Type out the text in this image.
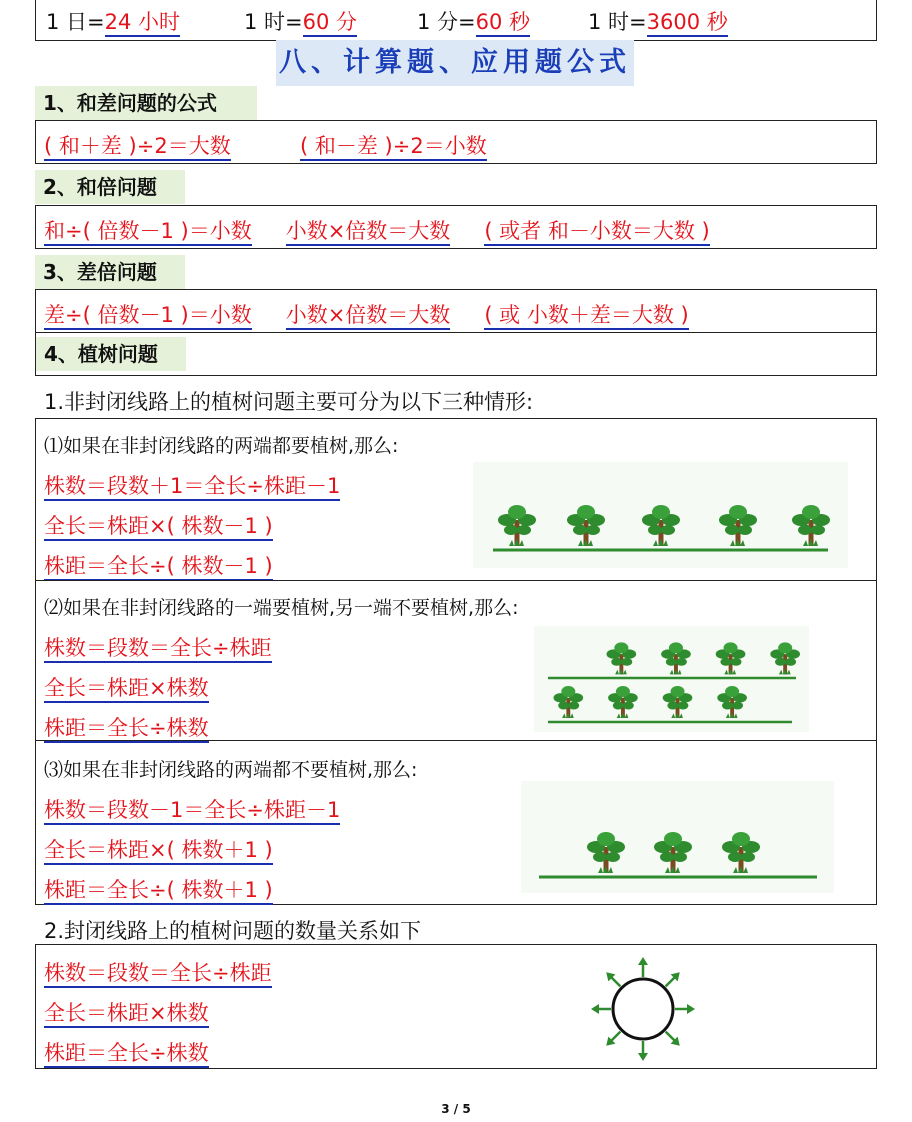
1 日=24 小时	1 时=60 分	1 分=60 秒	1 时=3600 秒
八、计算题、应用题公式
1、和差问题的公式
( 和＋差 )÷2＝大数	( 和－差 )÷2＝小数
2、和倍问题
和÷( 倍数－1 )＝小数 小数×倍数＝大数 ( 或者 和－小数＝大数 )
3、差倍问题
差÷( 倍数－1 )＝小数 小数×倍数＝大数 ( 或 小数＋差＝大数 )
4、植树问题
1.非封闭线路上的植树问题主要可分为以下三种情形:
⑴如果在非封闭线路的两端都要植树,那么:
株数＝段数＋1＝全长÷株距－1
全长＝株距×( 株数－1 )
株距＝全长÷( 株数－1 )
⑵如果在非封闭线路的一端要植树,另一端不要植树,那么:
株数＝段数＝全长÷株距
全长＝株距×株数
株距＝全长÷株数
⑶如果在非封闭线路的两端都不要植树,那么:
株数＝段数－1＝全长÷株距－1
全长＝株距×( 株数＋1 )
株距＝全长÷( 株数＋1 )
2.封闭线路上的植树问题的数量关系如下
株数＝段数＝全长÷株距
全长＝株距×株数
株距＝全长÷株数
3 / 5
